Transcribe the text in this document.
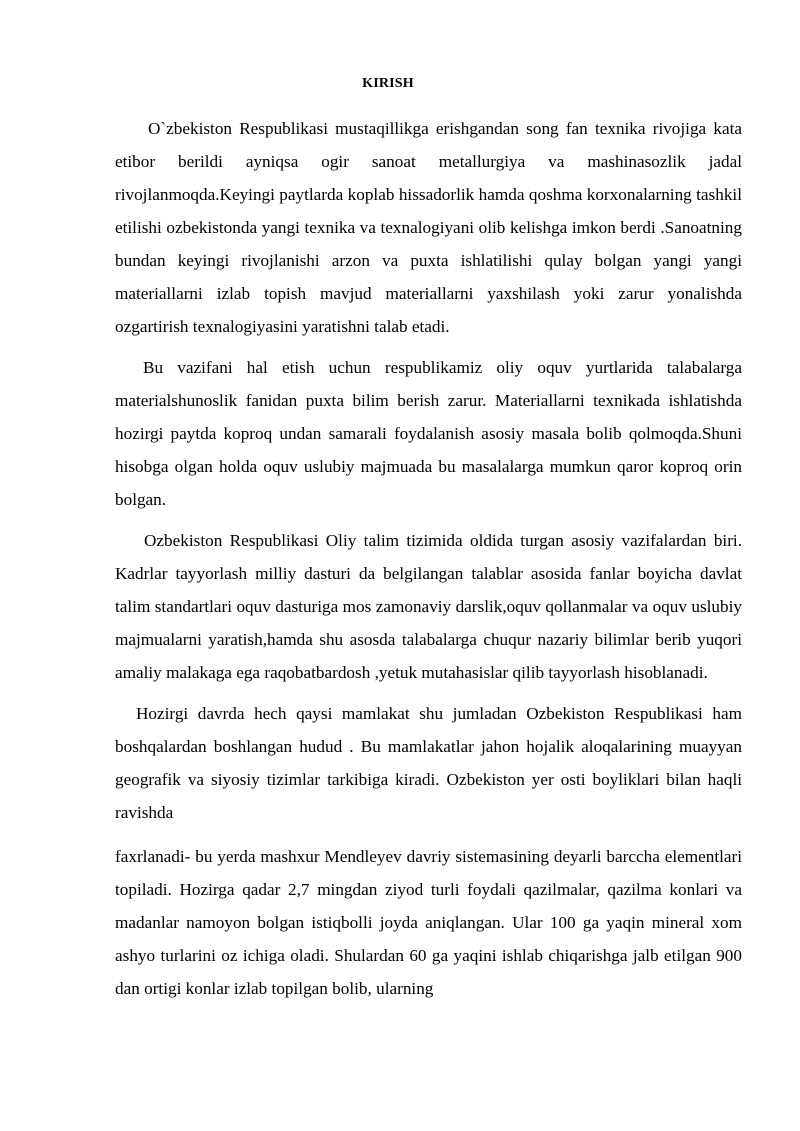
KIRISH

O`zbekiston Respublikasi mustaqillikga erishgandan song fan texnika rivojiga kata etibor berildi ayniqsa ogir sanoat metallurgiya va mashinasozlik jadal rivojlanmoqda.Keyingi paytlarda koplab hissadorlik hamda qoshma korxonalarning tashkil etilishi ozbekistonda yangi texnika va texnalogiyani olib kelishga imkon berdi .Sanoatning bundan keyingi rivojlanishi arzon va puxta ishlatilishi qulay bolgan yangi yangi materiallarni izlab topish mavjud materiallarni yaxshilash yoki zarur yonalishda ozgartirish texnalogiyasini yaratishni talab etadi.

Bu vazifani hal etish uchun respublikamiz oliy oquv yurtlarida talabalarga materialshunoslik fanidan puxta bilim berish zarur. Materiallarni texnikada ishlatishda hozirgi paytda koproq undan samarali foydalanish asosiy masala bolib qolmoqda.Shuni hisobga olgan holda oquv uslubiy majmuada bu masalalarga mumkun qaror koproq orin bolgan.

Ozbekiston Respublikasi Oliy talim tizimida oldida turgan asosiy vazifalardan biri. Kadrlar tayyorlash milliy dasturi da belgilangan talablar asosida fanlar boyicha davlat talim standartlari oquv dasturiga mos zamonaviy darslik,oquv qollanmalar va oquv uslubiy majmualarni yaratish,hamda shu asosda talabalarga chuqur nazariy bilimlar berib yuqori amaliy malakaga ega raqobatbardosh ,yetuk mutahasislar qilib tayyorlash hisoblanadi.

Hozirgi davrda hech qaysi mamlakat shu jumladan Ozbekiston Respublikasi ham boshqalardan boshlangan hudud . Bu mamlakatlar jahon hojalik aloqalarining muayyan geografik va siyosiy tizimlar tarkibiga kiradi. Ozbekiston yer osti boyliklari bilan haqli ravishda

faxrlanadi- bu yerda mashxur Mendleyev davriy sistemasining deyarli barccha elementlari topiladi. Hozirga qadar 2,7 mingdan ziyod turli foydali qazilmalar, qazilma konlari va madanlar namoyon bolgan istiqbolli joyda aniqlangan. Ular 100 ga yaqin mineral xom ashyo turlarini oz ichiga oladi. Shulardan 60 ga yaqini ishlab chiqarishga jalb etilgan 900 dan ortigi konlar izlab topilgan bolib, ularning
